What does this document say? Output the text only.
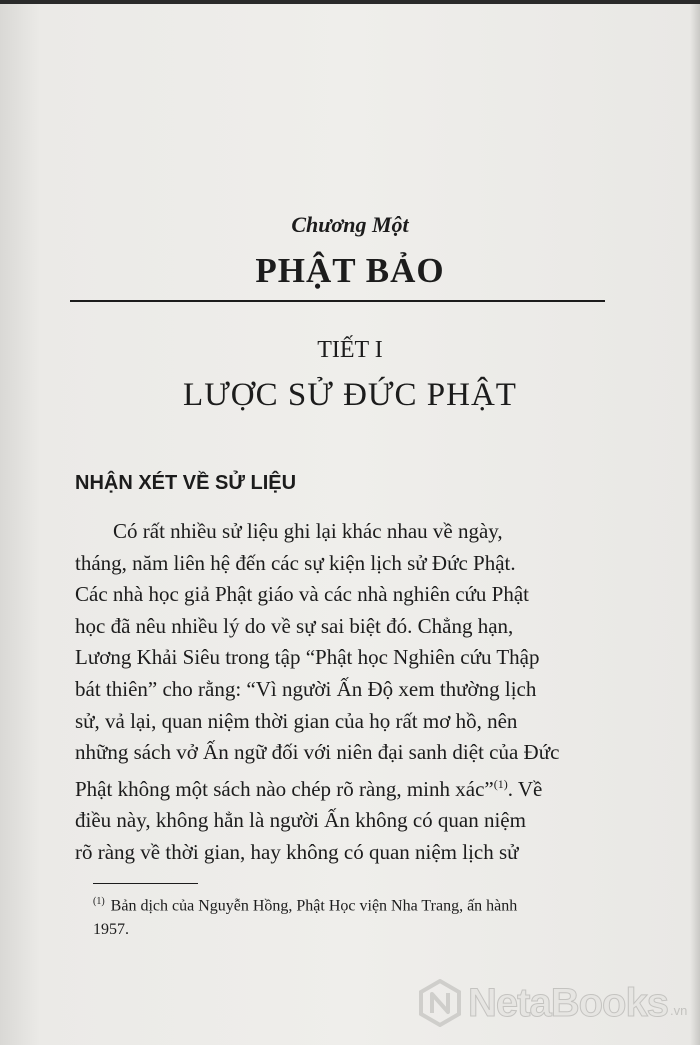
Chương Một
PHẬT BẢO
TIẾT I
LƯỢC SỬ ĐỨC PHẬT
NHẬN XÉT VỀ SỬ LIỆU
Có rất nhiều sử liệu ghi lại khác nhau về ngày,
tháng, năm liên hệ đến các sự kiện lịch sử Đức Phật.
Các nhà học giả Phật giáo và các nhà nghiên cứu Phật
học đã nêu nhiều lý do về sự sai biệt đó. Chẳng hạn,
Lương Khải Siêu trong tập “Phật học Nghiên cứu Thập
bát thiên” cho rằng: “Vì người Ấn Độ xem thường lịch
sử, vả lại, quan niệm thời gian của họ rất mơ hồ, nên
những sách vở Ấn ngữ đối với niên đại sanh diệt của Đức
Phật không một sách nào chép rõ ràng, minh xác”$^{(1)}$. Về
điều này, không hẳn là người Ấn không có quan niệm
rõ ràng về thời gian, hay không có quan niệm lịch sử
$^{(1)}$ Bản dịch của Nguyễn Hồng, Phật Học viện Nha Trang, ấn hành
1957.
NetaBooks .vn
